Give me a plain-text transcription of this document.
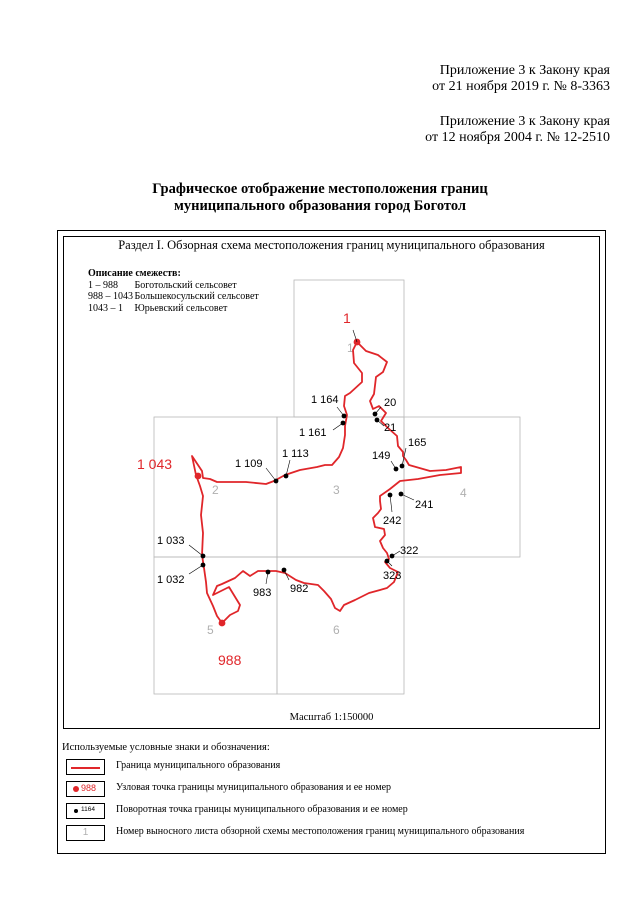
Приложение 3 к Закону края
от 21 ноября 2019 г. № 8-3363
Приложение 3 к Закону края
от 12 ноября 2004 г. № 12-2510
Графическое отображение местоположения границ
муниципального образования город Боготол
Раздел I. Обзорная схема местоположения границ муниципального образования
1
2	3	4
5	6
1
1 043
988
1 164	20
21
1 161
165
149
1 109
1 113
241
242
1 033
322
323
1 032
983 982
Описание смежеств:
1 – 988 Боготольский сельсовет
988 – 1043 Большекосульский сельсовет
1043 – 1 Юрьевский сельсовет
Масштаб 1:150000
Используемые условные знаки и обозначения:
Граница муниципального образования
988 Узловая точка границы муниципального образования и ее номер
1164 Поворотная точка границы муниципального образования и ее номер
1	Номер выносного листа обзорной схемы местоположения границ муниципального образования
